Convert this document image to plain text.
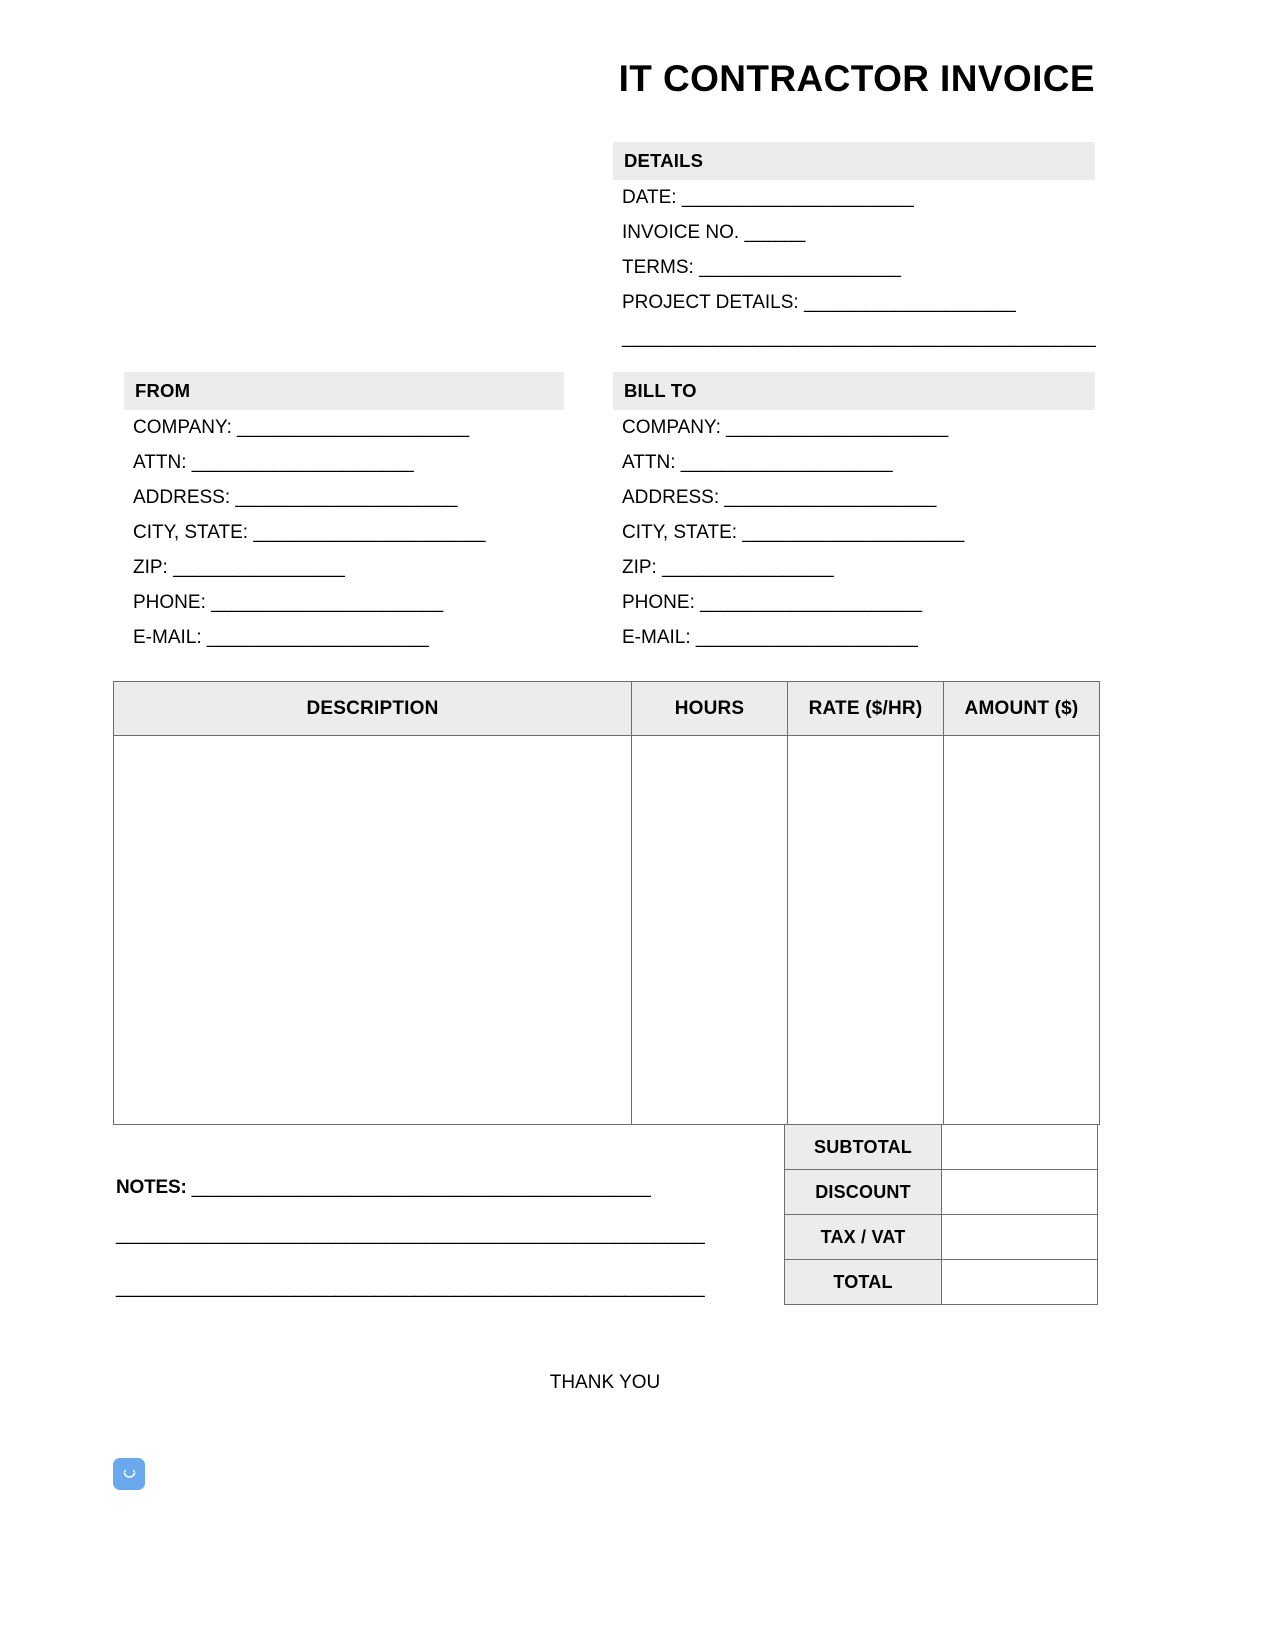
IT CONTRACTOR INVOICE
DETAILS
DATE: _______________________
INVOICE NO. ______
TERMS: ____________________
PROJECT DETAILS: _____________________
_______________________________________________
FROM
COMPANY: _______________________
ATTN: ______________________
ADDRESS: ______________________
CITY, STATE: _______________________
ZIP: _________________
PHONE: _______________________
E-MAIL: ______________________
BILL TO
COMPANY: ______________________
ATTN: _____________________
ADDRESS: _____________________
CITY, STATE: ______________________
ZIP: _________________
PHONE: ______________________
E-MAIL: ______________________
DESCRIPTION	HOURS	RATE ($/HR)	AMOUNT ($)

SUBTOTAL	
DISCOUNT	
TAX / VAT	
TOTAL	
NOTES: ______________________________________________
___________________________________________________________
___________________________________________________________
THANK YOU
